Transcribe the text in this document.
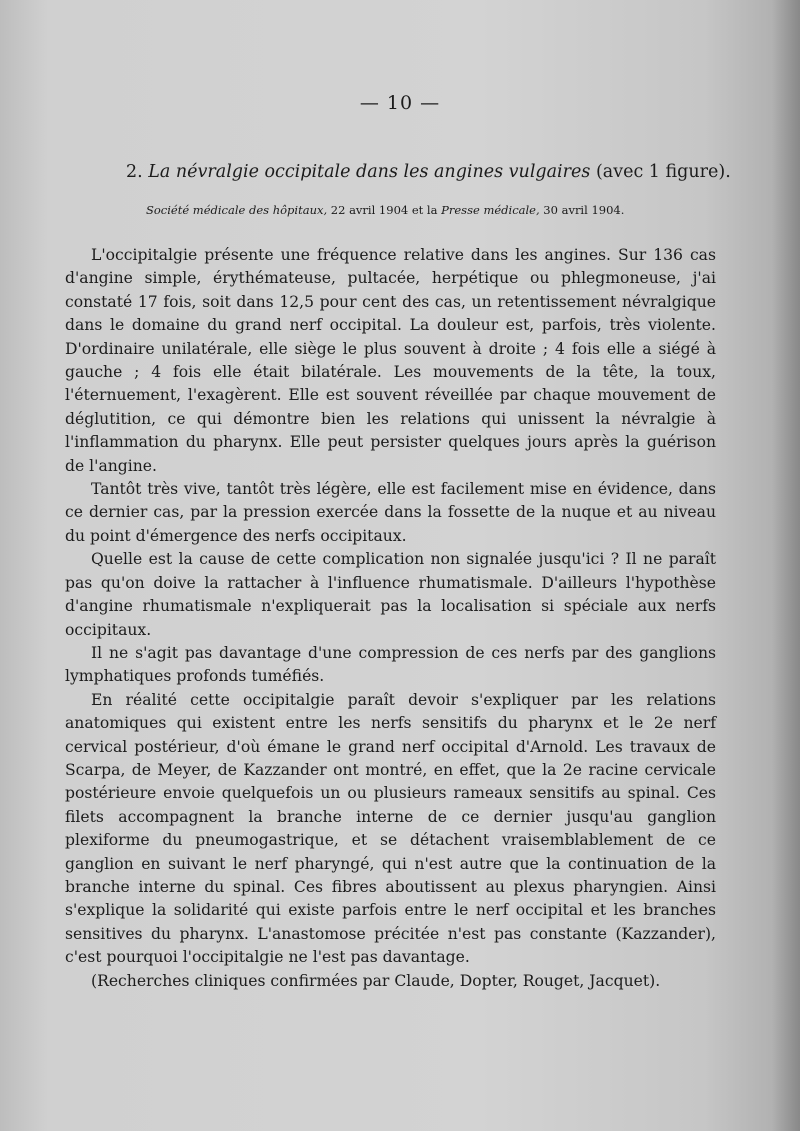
— 10 —
2. La névralgie occipitale dans les angines vulgaires (avec 1 figure).
Société médicale des hôpitaux, 22 avril 1904 et la Presse médicale, 30 avril 1904.

L'occipitalgie présente une fréquence relative dans les angines. Sur 136 cas d'angine simple, érythémateuse, pultacée, herpétique ou phlegmoneuse, j'ai constaté 17 fois, soit dans 12,5 pour cent des cas, un retentissement névralgique dans le domaine du grand nerf occipital. La douleur est, parfois, très violente. D'ordinaire unilatérale, elle siège le plus souvent à droite ; 4 fois elle a siégé à gauche ; 4 fois elle était bilatérale. Les mouvements de la tête, la toux, l'éternuement, l'exagèrent. Elle est souvent réveillée par chaque mouvement de déglutition, ce qui démontre bien les relations qui unissent la névralgie à l'inflammation du pharynx. Elle peut persister quelques jours après la guérison de l'angine.

Tantôt très vive, tantôt très légère, elle est facilement mise en évidence, dans ce dernier cas, par la pression exercée dans la fossette de la nuque et au niveau du point d'émergence des nerfs occipitaux.

Quelle est la cause de cette complication non signalée jusqu'ici ? Il ne paraît pas qu'on doive la rattacher à l'influence rhumatismale. D'ailleurs l'hypothèse d'angine rhumatismale n'expliquerait pas la localisation si spéciale aux nerfs occipitaux.

Il ne s'agit pas davantage d'une compression de ces nerfs par des ganglions lymphatiques profonds tuméfiés.

En réalité cette occipitalgie paraît devoir s'expliquer par les relations anatomiques qui existent entre les nerfs sensitifs du pharynx et le 2e nerf cervical postérieur, d'où émane le grand nerf occipital d'Arnold. Les travaux de Scarpa, de Meyer, de Kazzander ont montré, en effet, que la 2e racine cervicale postérieure envoie quelquefois un ou plusieurs rameaux sensitifs au spinal. Ces filets accompagnent la branche interne de ce dernier jusqu'au ganglion plexiforme du pneumogastrique, et se détachent vraisemblablement de ce ganglion en suivant le nerf pharyngé, qui n'est autre que la continuation de la branche interne du spinal. Ces fibres aboutissent au plexus pharyngien. Ainsi s'explique la solidarité qui existe parfois entre le nerf occipital et les branches sensitives du pharynx. L'anastomose précitée n'est pas constante (Kazzander), c'est pourquoi l'occipitalgie ne l'est pas davantage.

(Recherches cliniques confirmées par Claude, Dopter, Rouget, Jacquet).
